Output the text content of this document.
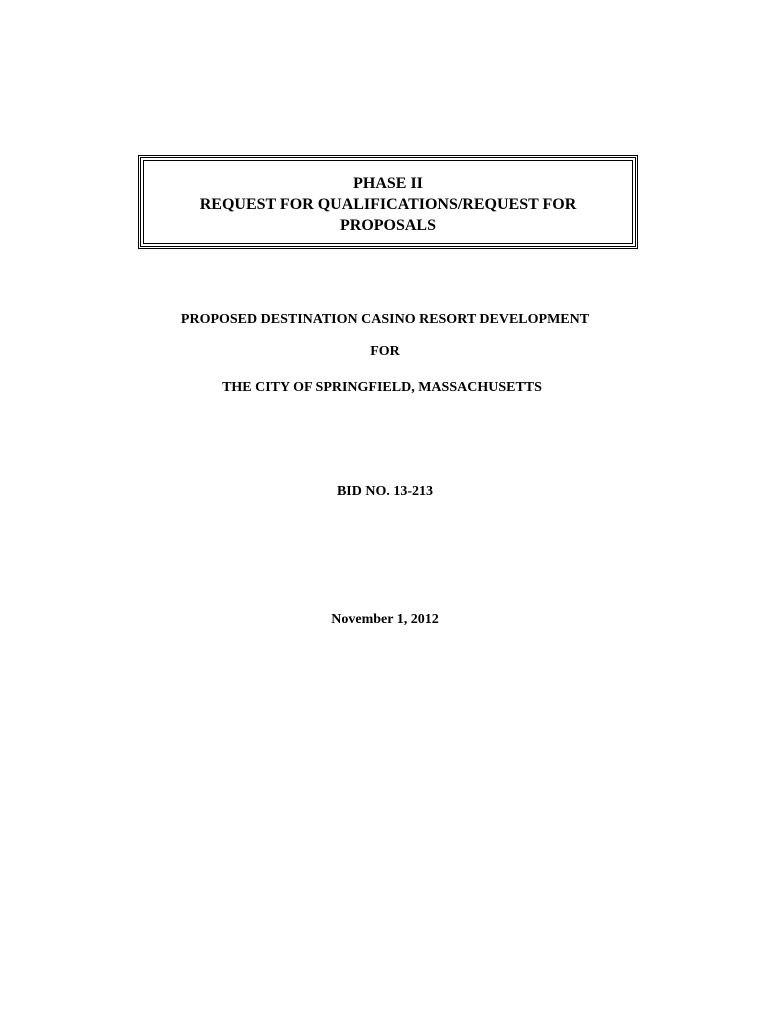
PHASE II
REQUEST FOR QUALIFICATIONS/REQUEST FOR
PROPOSALS
PROPOSED DESTINATION CASINO RESORT DEVELOPMENT
FOR
THE CITY OF SPRINGFIELD, MASSACHUSETTS
BID NO. 13-213
November 1, 2012
